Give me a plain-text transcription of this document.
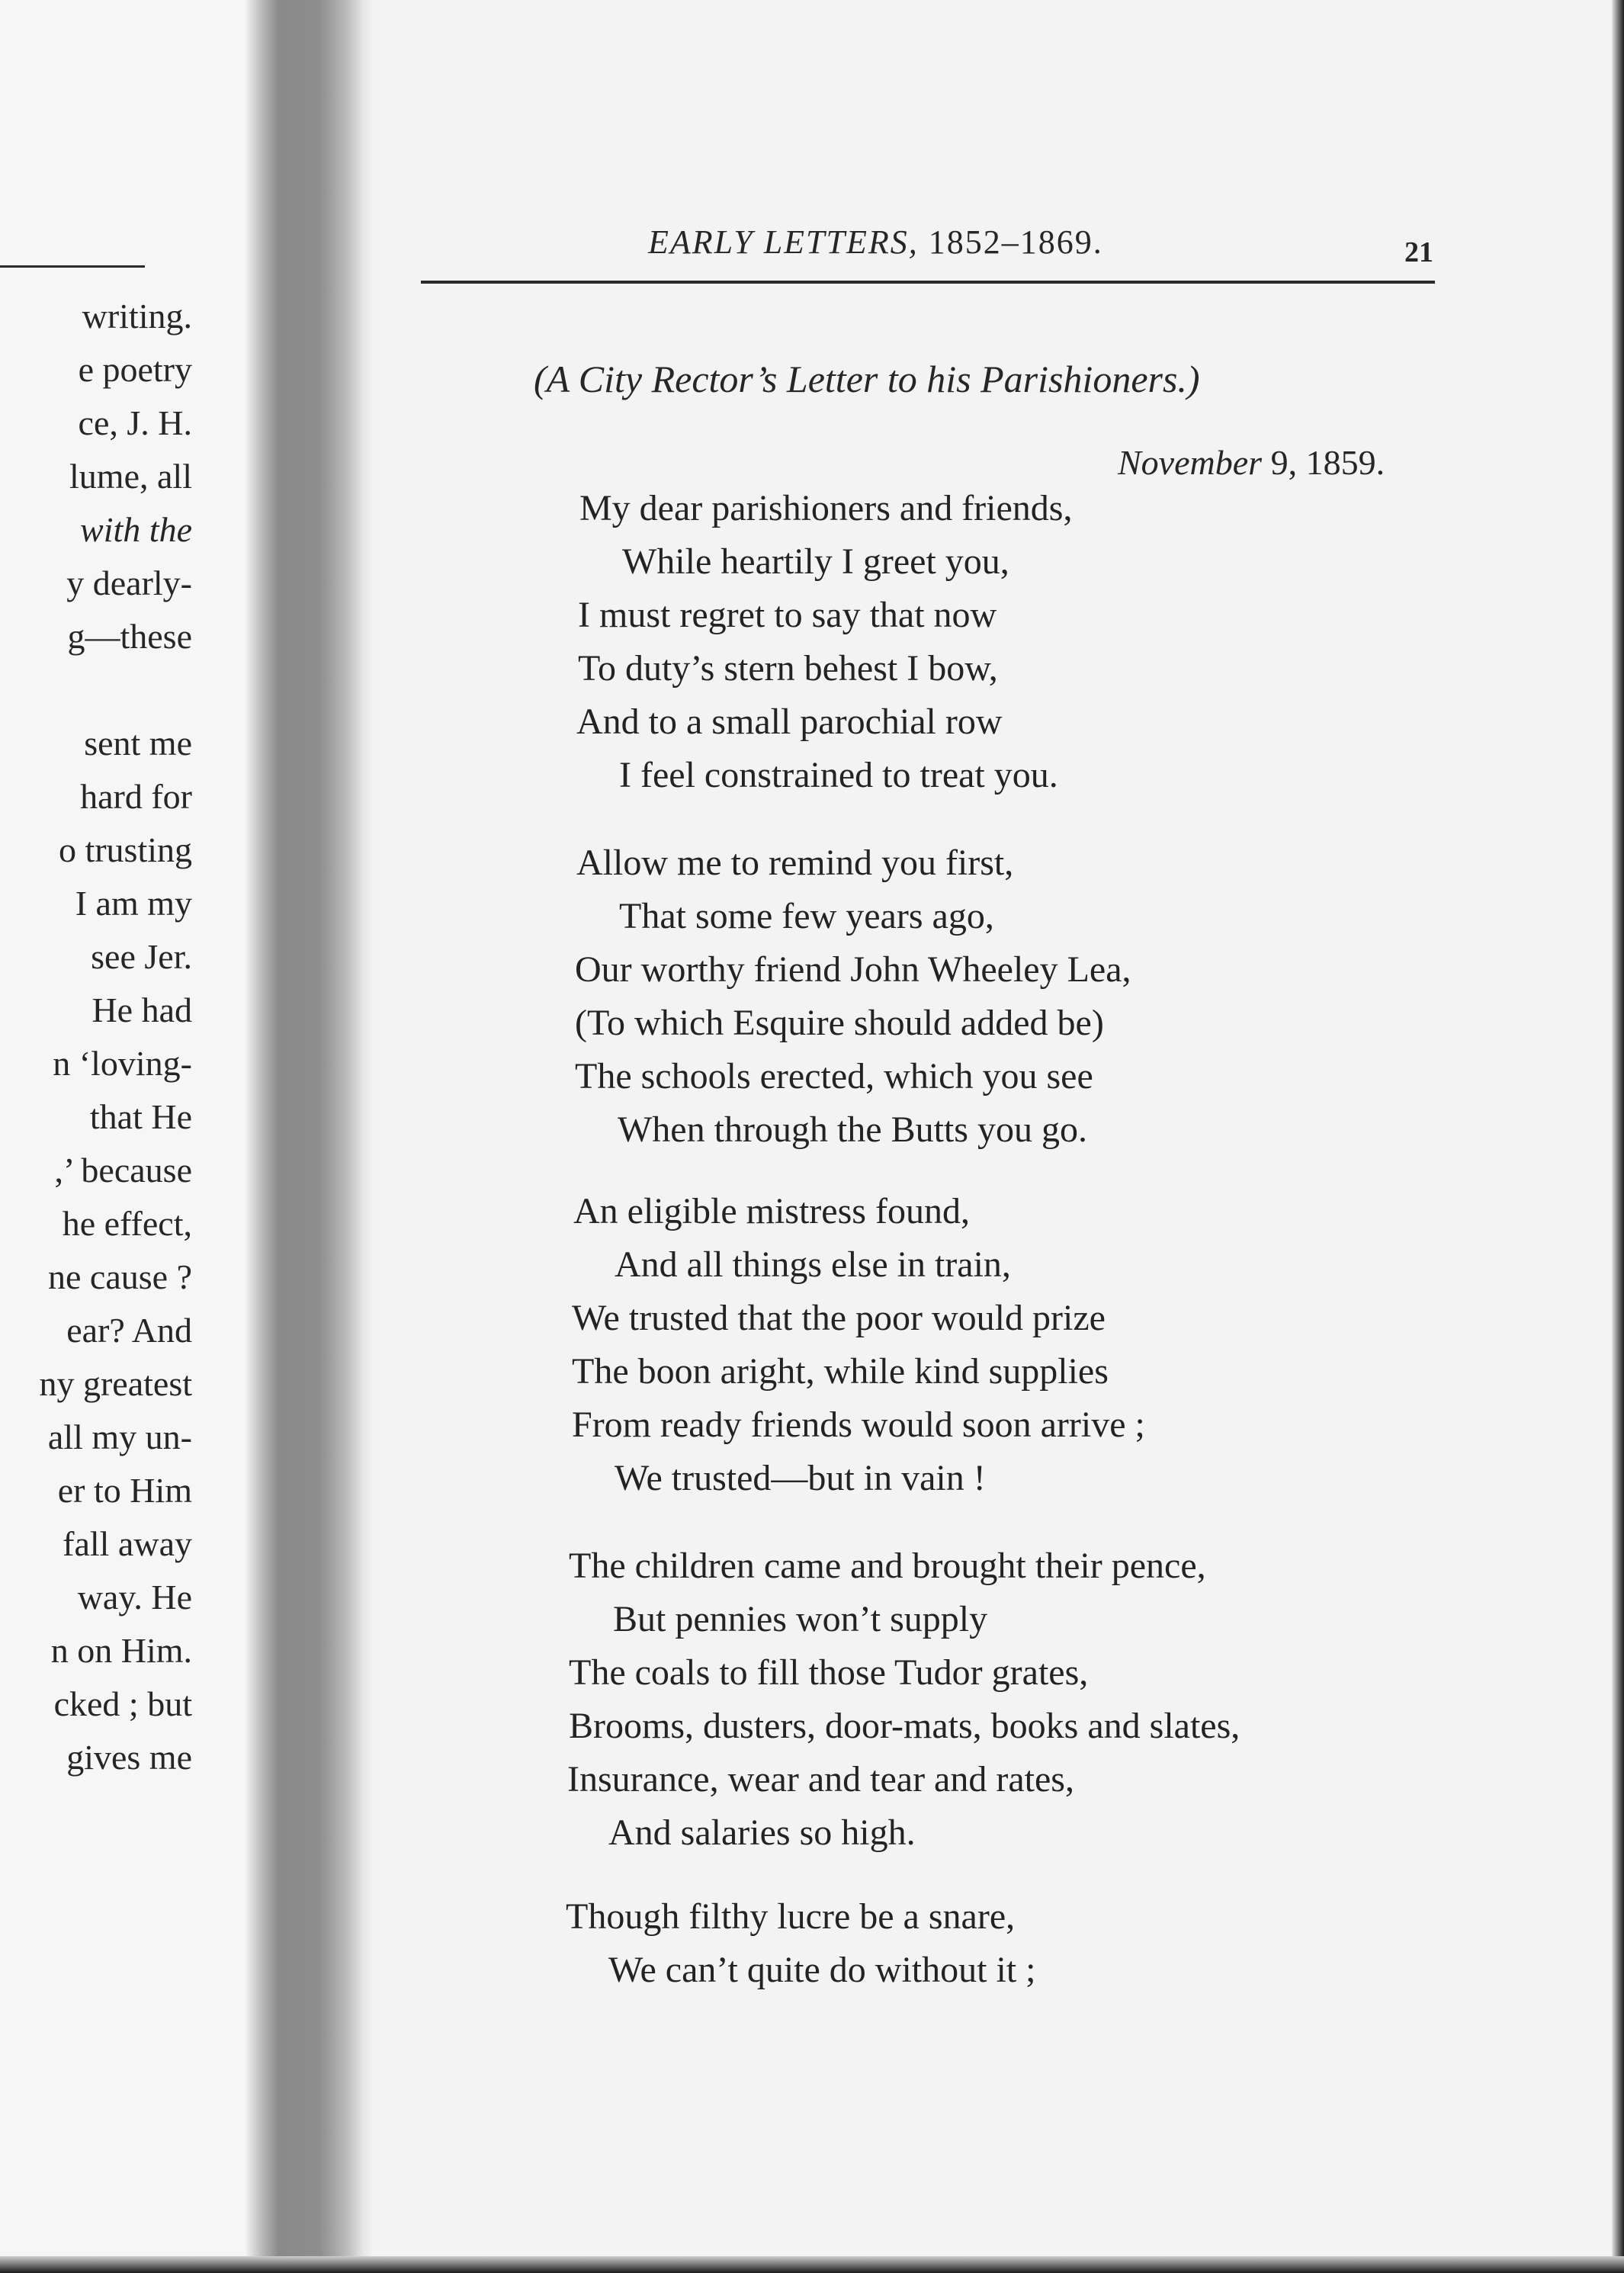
writing.
e poetry
ce, J. H.
lume, all
with the
y dearly-
g—these
sent me
hard for
o trusting
I am my
see Jer.
He had
n ‘loving-
that He
,’ because
he effect,
ne cause ?
ear? And
ny greatest
all my un-
er to Him
fall away
way. He
n on Him.
cked ; but
gives me
EARLY LETTERS, 1852–1869.	21
(A City Rector’s Letter to his Parishioners.)
November 9, 1859.
My dear parishioners and friends,
While heartily I greet you,
I must regret to say that now
To duty’s stern behest I bow,
And to a small parochial row
I feel constrained to treat you.
Allow me to remind you first,
That some few years ago,
Our worthy friend John Wheeley Lea,
(To which Esquire should added be)
The schools erected, which you see
When through the Butts you go.
An eligible mistress found,
And all things else in train,
We trusted that the poor would prize
The boon aright, while kind supplies
From ready friends would soon arrive ;
We trusted—but in vain !
The children came and brought their pence,
But pennies won’t supply
The coals to fill those Tudor grates,
Brooms, dusters, door-mats, books and slates,
Insurance, wear and tear and rates,
And salaries so high.
Though filthy lucre be a snare,
We can’t quite do without it ;
